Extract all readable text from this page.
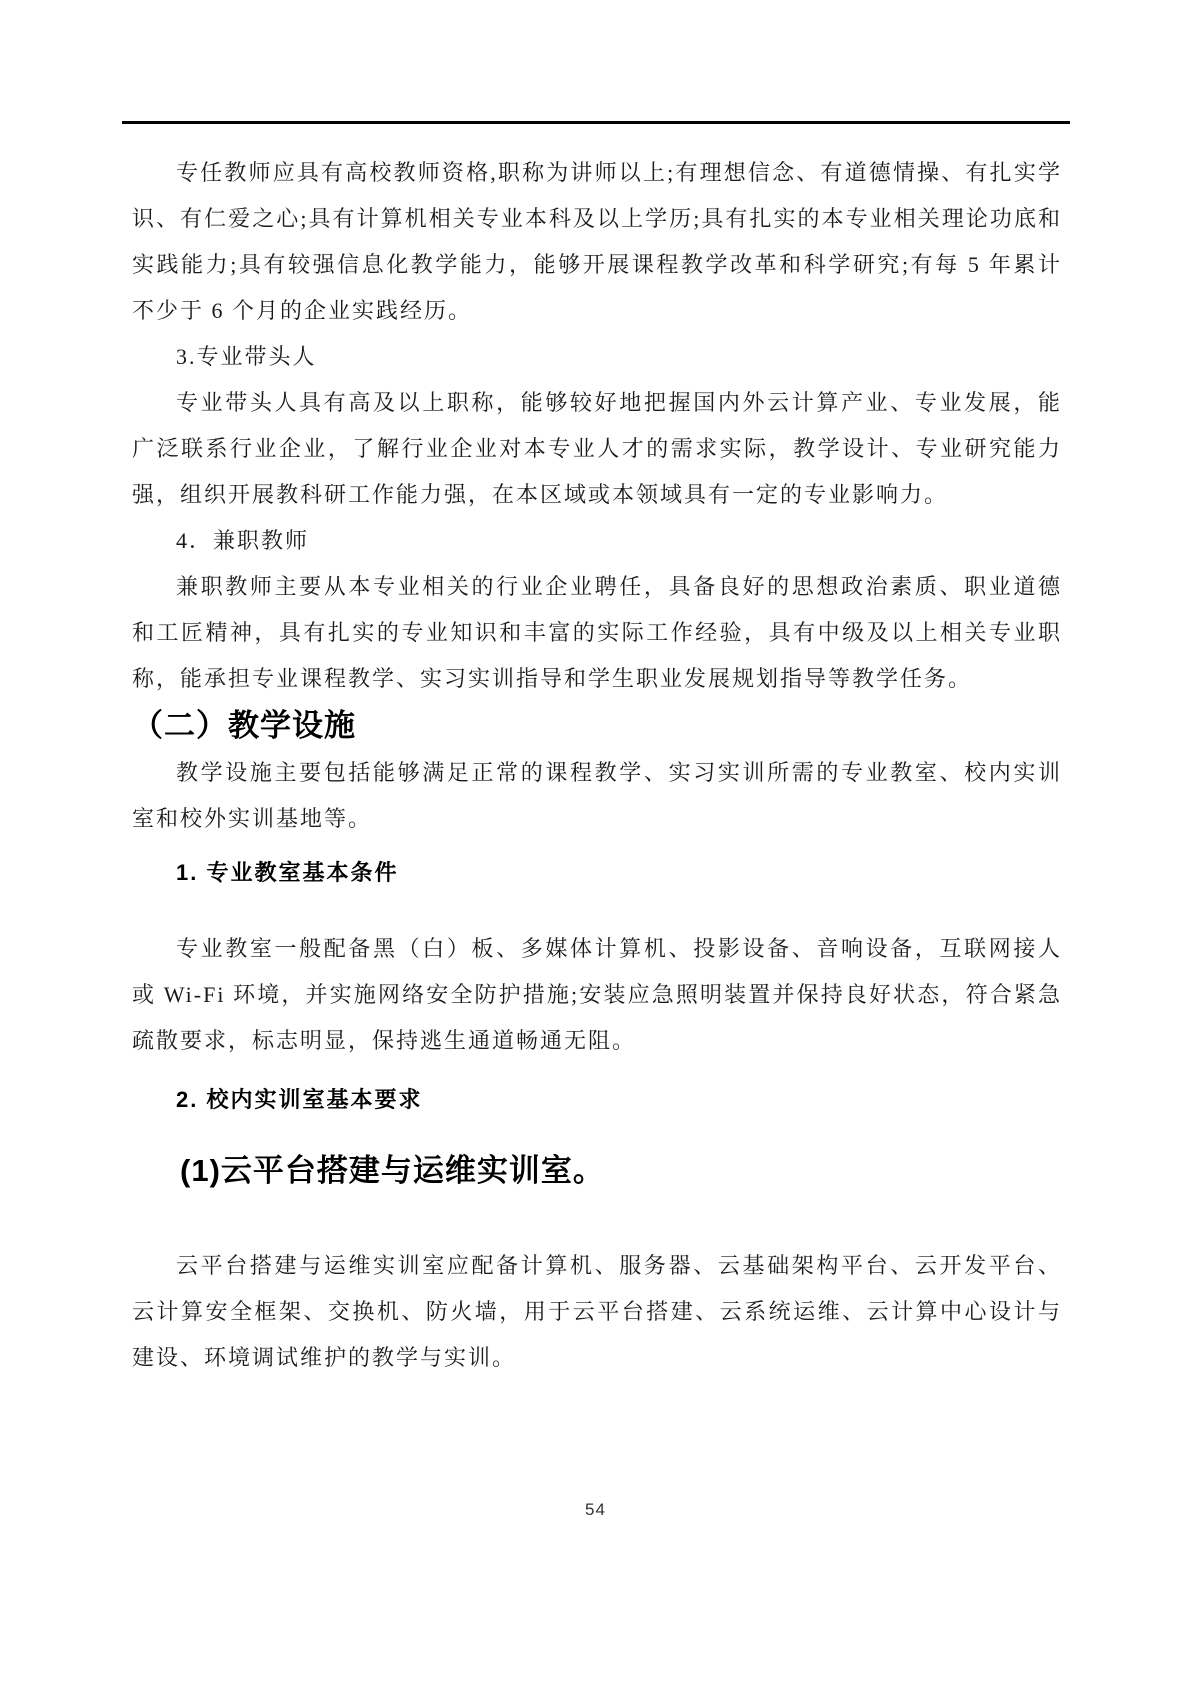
专任教师应具有高校教师资格,职称为讲师以上;有理想信念、有道德情操、有扎实学识、有仁爱之心;具有计算机相关专业本科及以上学历;具有扎实的本专业相关理论功底和实践能力;具有较强信息化教学能力，能够开展课程教学改革和科学研究;有每 5 年累计不少于 6 个月的企业实践经历。

3.专业带头人

专业带头人具有高及以上职称，能够较好地把握国内外云计算产业、专业发展，能广泛联系行业企业，了解行业企业对本专业人才的需求实际，教学设计、专业研究能力强，组织开展教科研工作能力强，在本区域或本领域具有一定的专业影响力。

4．兼职教师

兼职教师主要从本专业相关的行业企业聘任，具备良好的思想政治素质、职业道德和工匠精神，具有扎实的专业知识和丰富的实际工作经验，具有中级及以上相关专业职称，能承担专业课程教学、实习实训指导和学生职业发展规划指导等教学任务。

（二）教学设施

教学设施主要包括能够满足正常的课程教学、实习实训所需的专业教室、校内实训室和校外实训基地等。

1. 专业教室基本条件

专业教室一般配备黑（白）板、多媒体计算机、投影设备、音响设备，互联网接人或 Wi-Fi 环境，并实施网络安全防护措施;安装应急照明装置并保持良好状态，符合紧急疏散要求，标志明显，保持逃生通道畅通无阻。

2. 校内实训室基本要求
(1)云平台搭建与运维实训室。

云平台搭建与运维实训室应配备计算机、服务器、云基础架构平台、云开发平台、云计算安全框架、交换机、防火墙，用于云平台搭建、云系统运维、云计算中心设计与建设、环境调试维护的教学与实训。

54
